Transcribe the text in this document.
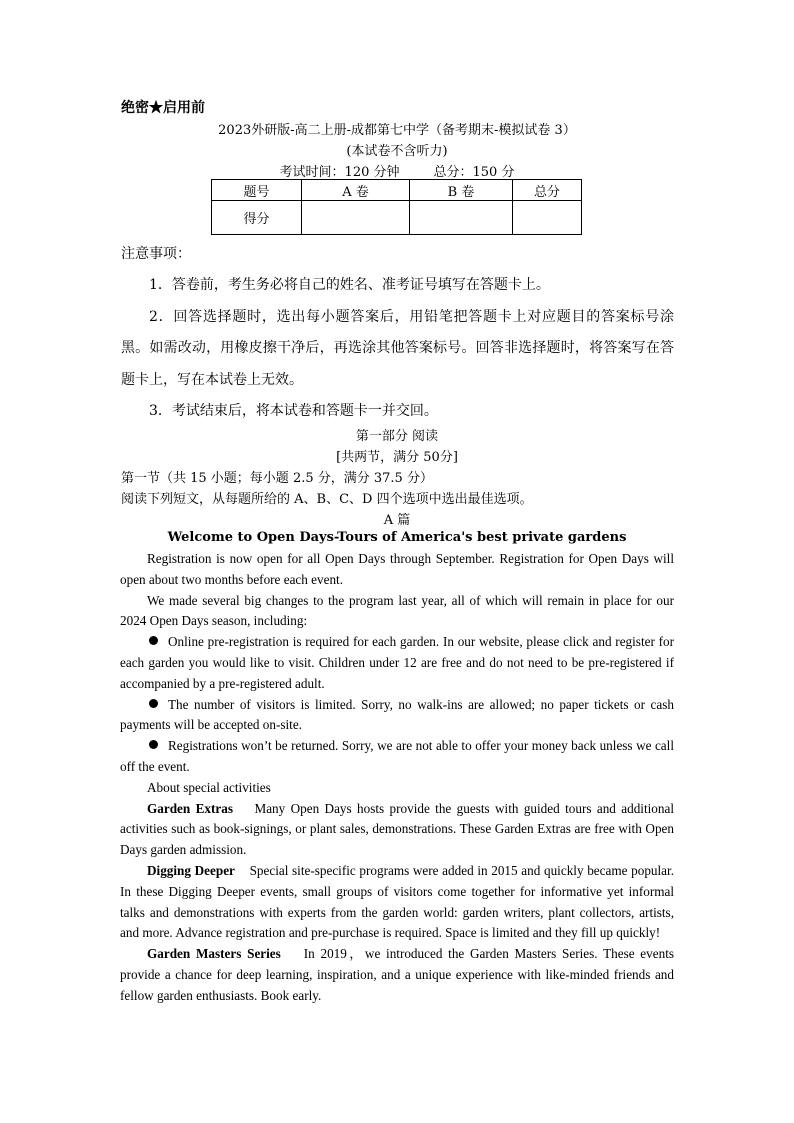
绝密★启用前
2023外研版-高二上册-成都第七中学（备考期末-模拟试卷 3）
(本试卷不含听力)
考试时间：120 分钟	总分：150 分
题号	A 卷	B 卷	总分
得分			
注意事项：

1．答卷前，考生务必将自己的姓名、准考证号填写在答题卡上。

2．回答选择题时，选出每小题答案后，用铅笔把答题卡上对应题目的答案标号涂黑。如需改动，用橡皮擦干净后，再选涂其他答案标号。回答非选择题时，将答案写在答题卡上，写在本试卷上无效。

3．考试结束后，将本试卷和答题卡一并交回。

第一部分 阅读
[共两节，满分 50分]
第一节（共 15 小题；每小题 2.5 分，满分 37.5 分）
阅读下列短文，从每题所给的 A、B、C、D 四个选项中选出最佳选项。
A 篇
Welcome to Open Days-Tours of America's best private gardens

Registration is now open for all Open Days through September. Registration for Open Days will open about two months before each event.

We made several big changes to the program last year, all of which will remain in place for our 2024 Open Days season, including:

Online pre-registration is required for each garden. In our website, please click and register for each garden you would like to visit. Children under 12 are free and do not need to be pre-registered if accompanied by a pre-registered adult.

The number of visitors is limited. Sorry, no walk-ins are allowed; no paper tickets or cash payments will be accepted on-site.

Registrations won’t be returned. Sorry, we are not able to offer your money back unless we call off the event.

About special activities

Garden Extras Many Open Days hosts provide the guests with guided tours and additional activities such as book-signings, or plant sales, demonstrations. These Garden Extras are free with Open Days garden admission.

Digging Deeper Special site-specific programs were added in 2015 and quickly became popular. In these Digging Deeper events, small groups of visitors come together for informative yet informal talks and demonstrations with experts from the garden world: garden writers, plant collectors, artists, and more. Advance registration and pre-purchase is required. Space is limited and they fill up quickly!

Garden Masters Series In 2019，we introduced the Garden Masters Series. These events provide a chance for deep learning, inspiration, and a unique experience with like-minded friends and fellow garden enthusiasts. Book early.
